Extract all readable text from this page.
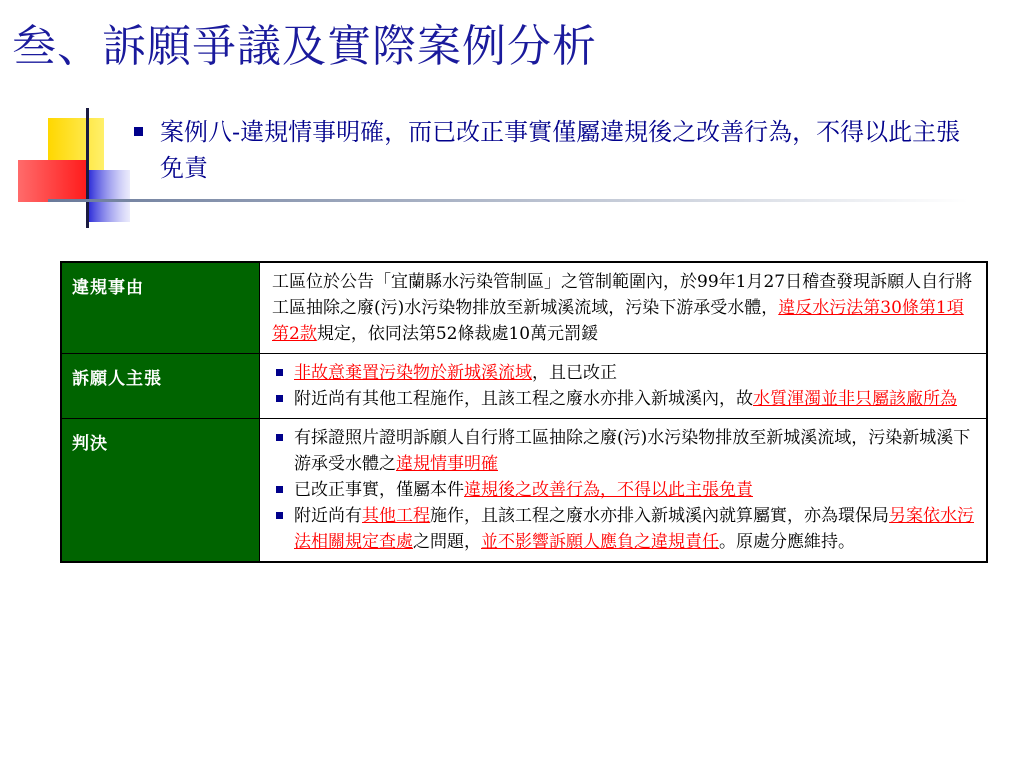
叁、訴願爭議及實際案例分析
案例八-違規情事明確，而已改正事實僅屬違規後之改善行為，不得以此主張免責
違規事由	工區位於公告「宜蘭縣水污染管制區」之管制範圍內，於99年1月27日稽查發現訴願人自行將工區抽除之廢(污)水污染物排放至新城溪流域，污染下游承受水體，違反水污法第30條第1項第2款規定，依同法第52條裁處10萬元罰鍰
訴願人主張	非故意棄置污染物於新城溪流域，且已改正
附近尚有其他工程施作，且該工程之廢水亦排入新城溪內，故水質渾濁並非只屬該廠所為

判決	有採證照片證明訴願人自行將工區抽除之廢(污)水污染物排放至新城溪流域，污染新城溪下游承受水體之違規情事明確
已改正事實，僅屬本件違規後之改善行為，不得以此主張免責
附近尚有其他工程施作，且該工程之廢水亦排入新城溪內就算屬實，亦為環保局另案依水污法相關規定查處之問題，並不影響訴願人應負之違規責任。原處分應維持。
